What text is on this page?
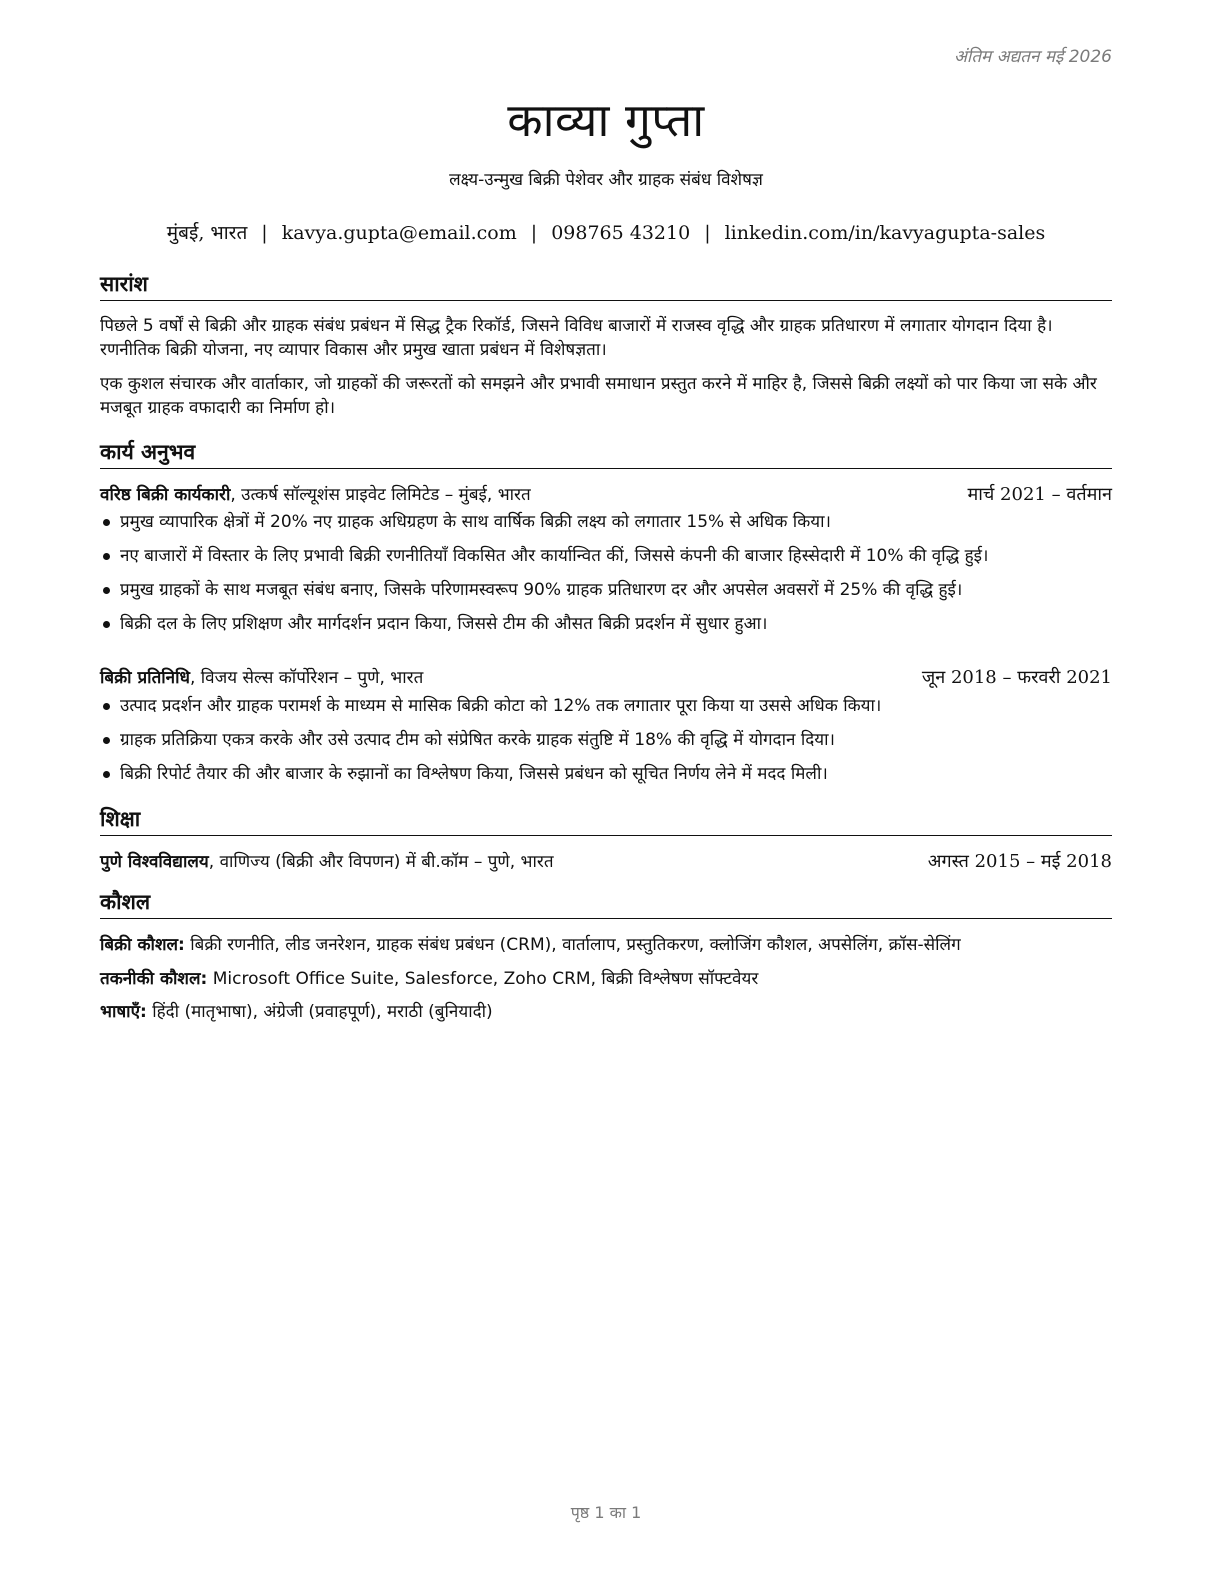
अंतिम अद्यतन मई 2026
काव्या गुप्ता
लक्ष्य-उन्मुख बिक्री पेशेवर और ग्राहक संबंध विशेषज्ञ
मुंबई, भारत | kavya.gupta@email.com | 098765 43210 | linkedin.com/in/kavyagupta-sales
सारांश
पिछले 5 वर्षों से बिक्री और ग्राहक संबंध प्रबंधन में सिद्ध ट्रैक रिकॉर्ड, जिसने विविध बाजारों में राजस्व वृद्धि और ग्राहक प्रतिधारण में लगातार योगदान दिया है। रणनीतिक बिक्री योजना, नए व्यापार विकास और प्रमुख खाता प्रबंधन में विशेषज्ञता।
एक कुशल संचारक और वार्ताकार, जो ग्राहकों की जरूरतों को समझने और प्रभावी समाधान प्रस्तुत करने में माहिर है, जिससे बिक्री लक्ष्यों को पार किया जा सके और मजबूत ग्राहक वफादारी का निर्माण हो।
कार्य अनुभव
वरिष्ठ बिक्री कार्यकारी, उत्कर्ष सॉल्यूशंस प्राइवेट लिमिटेड – मुंबई, भारत	मार्च 2021 – वर्तमान
प्रमुख व्यापारिक क्षेत्रों में 20% नए ग्राहक अधिग्रहण के साथ वार्षिक बिक्री लक्ष्य को लगातार 15% से अधिक किया।
नए बाजारों में विस्तार के लिए प्रभावी बिक्री रणनीतियाँ विकसित और कार्यान्वित कीं, जिससे कंपनी की बाजार हिस्सेदारी में 10% की वृद्धि हुई।
प्रमुख ग्राहकों के साथ मजबूत संबंध बनाए, जिसके परिणामस्वरूप 90% ग्राहक प्रतिधारण दर और अपसेल अवसरों में 25% की वृद्धि हुई।
बिक्री दल के लिए प्रशिक्षण और मार्गदर्शन प्रदान किया, जिससे टीम की औसत बिक्री प्रदर्शन में सुधार हुआ।
बिक्री प्रतिनिधि, विजय सेल्स कॉर्पोरेशन – पुणे, भारत	जून 2018 – फरवरी 2021
उत्पाद प्रदर्शन और ग्राहक परामर्श के माध्यम से मासिक बिक्री कोटा को 12% तक लगातार पूरा किया या उससे अधिक किया।
ग्राहक प्रतिक्रिया एकत्र करके और उसे उत्पाद टीम को संप्रेषित करके ग्राहक संतुष्टि में 18% की वृद्धि में योगदान दिया।
बिक्री रिपोर्ट तैयार की और बाजार के रुझानों का विश्लेषण किया, जिससे प्रबंधन को सूचित निर्णय लेने में मदद मिली।
शिक्षा
पुणे विश्वविद्यालय, वाणिज्य (बिक्री और विपणन) में बी.कॉम – पुणे, भारत	अगस्त 2015 – मई 2018
कौशल
बिक्री कौशल: बिक्री रणनीति, लीड जनरेशन, ग्राहक संबंध प्रबंधन (CRM), वार्तालाप, प्रस्तुतिकरण, क्लोजिंग कौशल, अपसेलिंग, क्रॉस-सेलिंग
तकनीकी कौशल: Microsoft Office Suite, Salesforce, Zoho CRM, बिक्री विश्लेषण सॉफ्टवेयर
भाषाएँ: हिंदी (मातृभाषा), अंग्रेजी (प्रवाहपूर्ण), मराठी (बुनियादी)
पृष्ठ 1 का 1
